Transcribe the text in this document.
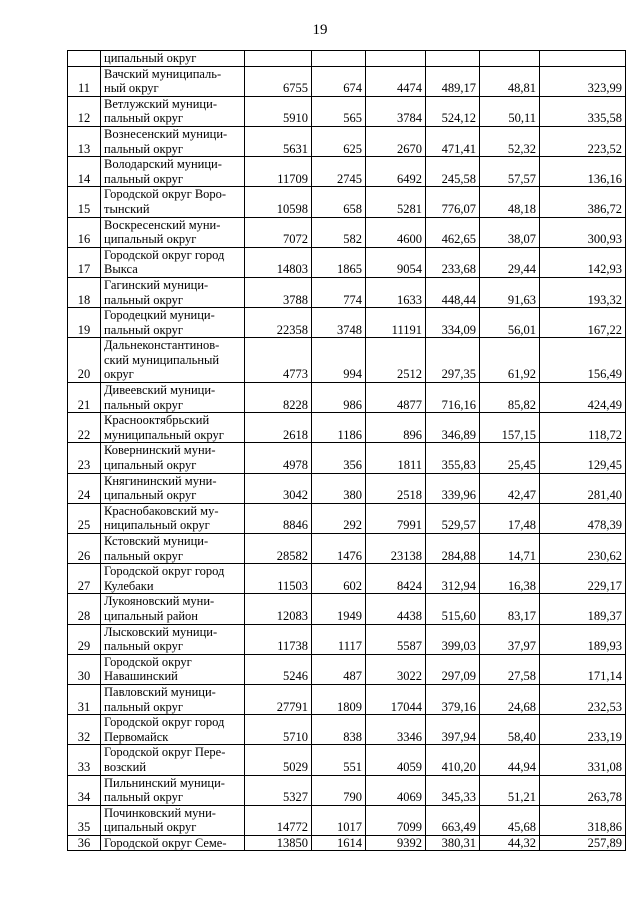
19

	ципальный округ						

11	Вачский муниципаль-
ный округ	6755	674	4474	489,17	48,81	323,99
12	Ветлужский муници-
пальный округ	5910	565	3784	524,12	50,11	335,58
13	Вознесенский муници-
пальный округ	5631	625	2670	471,41	52,32	223,52
14	Володарский муници-
пальный округ	11709	2745	6492	245,58	57,57	136,16
15	Городской округ Воро-
тынский	10598	658	5281	776,07	48,18	386,72
16	Воскресенский муни-
ципальный округ	7072	582	4600	462,65	38,07	300,93
17	Городской округ город
Выкса	14803	1865	9054	233,68	29,44	142,93
18	Гагинский муници-
пальный округ	3788	774	1633	448,44	91,63	193,32
19	Городецкий муници-
пальный округ	22358	3748	11191	334,09	56,01	167,22
20	Дальнеконстантинов-
ский муниципальный
округ	4773	994	2512	297,35	61,92	156,49
21	Дивеевский муници-
пальный округ	8228	986	4877	716,16	85,82	424,49
22	Краснооктябрьский
муниципальный округ	2618	1186	896	346,89	157,15	118,72
23	Ковернинский муни-
ципальный округ	4978	356	1811	355,83	25,45	129,45
24	Княгининский муни-
ципальный округ	3042	380	2518	339,96	42,47	281,40
25	Краснобаковский му-
ниципальный округ	8846	292	7991	529,57	17,48	478,39
26	Кстовский муници-
пальный округ	28582	1476	23138	284,88	14,71	230,62
27	Городской округ город
Кулебаки	11503	602	8424	312,94	16,38	229,17
28	Лукояновский муни-
ципальный район	12083	1949	4438	515,60	83,17	189,37
29	Лысковский муници-
пальный округ	11738	1117	5587	399,03	37,97	189,93
30	Городской округ
Навашинский	5246	487	3022	297,09	27,58	171,14
31	Павловский муници-
пальный округ	27791	1809	17044	379,16	24,68	232,53
32	Городской округ город
Первомайск	5710	838	3346	397,94	58,40	233,19
33	Городской округ Пере-
возский	5029	551	4059	410,20	44,94	331,08
34	Пильнинский муници-
пальный округ	5327	790	4069	345,33	51,21	263,78
35	Починковский муни-
ципальный округ	14772	1017	7099	663,49	45,68	318,86
36	Городской округ Семе-	13850	1614	9392	380,31	44,32	257,89
